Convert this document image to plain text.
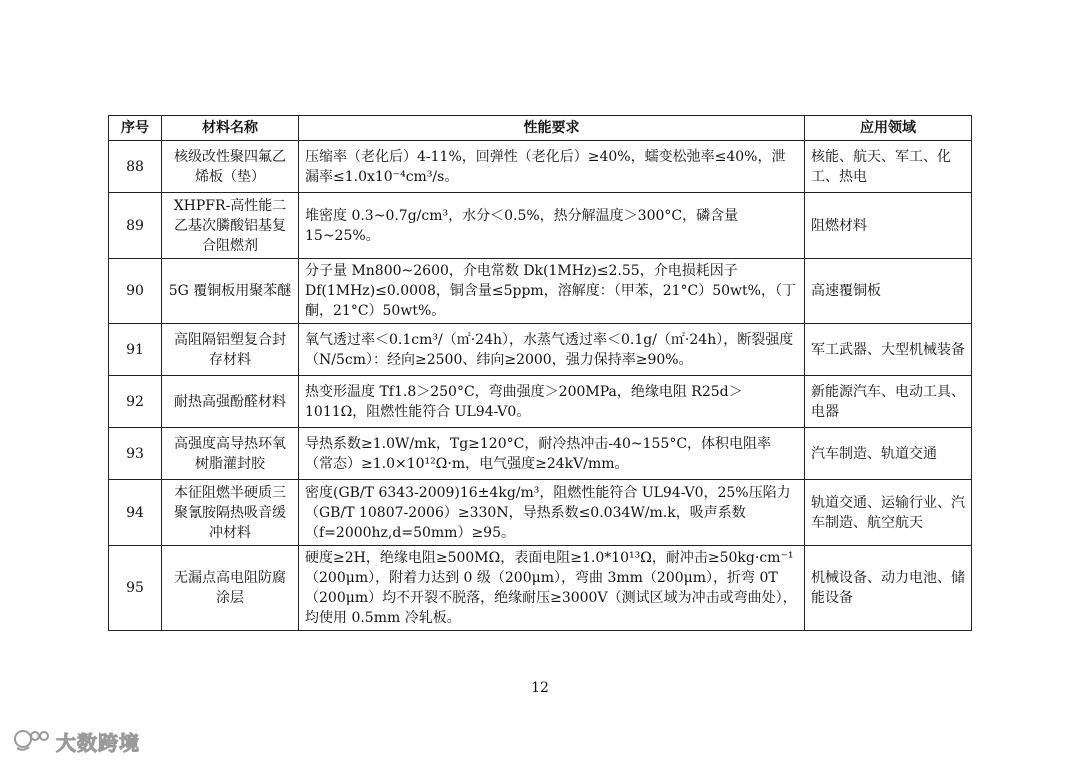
序号	材料名称	性能要求	应用领域
88	核级改性聚四氟乙烯板（垫）	压缩率（老化后）4-11%，回弹性（老化后）≥40%，蠕变松弛率≤40%，泄漏率≤1.0x10⁻⁴cm³/s。	核能、航天、军工、化工、热电
89	XHPFR-高性能二乙基次膦酸铝基复合阻燃剂	堆密度 0.3~0.7g/cm³，水分＜0.5%，热分解温度＞300°C，磷含量 15~25%。	阻燃材料
90	5G 覆铜板用聚苯醚	分子量 Mn800~2600，介电常数 Dk(1MHz)≤2.55，介电损耗因子 Df(1MHz)≤0.0008，铜含量≤5ppm，溶解度：（甲苯，21°C）50wt%，（丁酮，21°C）50wt%。	高速覆铜板
91	高阻隔铝塑复合封存材料	氧气透过率＜0.1cm³/（㎡·24h），水蒸气透过率＜0.1g/（㎡·24h），断裂强度（N/5cm）：经向≥2500、纬向≥2000，强力保持率≥90%。	军工武器、大型机械装备
92	耐热高强酚醛材料	热变形温度 Tf1.8＞250°C，弯曲强度＞200MPa，绝缘电阻 R25d＞1011Ω，阻燃性能符合 UL94-V0。	新能源汽车、电动工具、电器
93	高强度高导热环氧树脂灌封胶	导热系数≥1.0W/mk，Tg≥120°C，耐冷热冲击-40~155°C，体积电阻率（常态）≥1.0×10¹²Ω·m，电气强度≥24kV/mm。	汽车制造、轨道交通
94	本征阻燃半硬质三聚氰胺隔热吸音缓冲材料	密度(GB/T 6343-2009)16±4kg/m³，阻燃性能符合 UL94-V0，25%压陷力（GB/T 10807-2006）≥330N，导热系数≤0.034W/m.k，吸声系数（f=2000hz,d=50mm）≥95。	轨道交通、运输行业、汽车制造、航空航天
95	无漏点高电阻防腐涂层	硬度≥2H，绝缘电阻≥500MΩ，表面电阻≥1.0*10¹³Ω，耐冲击≥50kg·cm⁻¹（200μm），附着力达到 0 级（200μm），弯曲 3mm（200μm），折弯 0T（200μm）均不开裂不脱落，绝缘耐压≥3000V（测试区域为冲击或弯曲处），均使用 0.5mm 冷轧板。	机械设备、动力电池、储能设备
12
大数跨境
